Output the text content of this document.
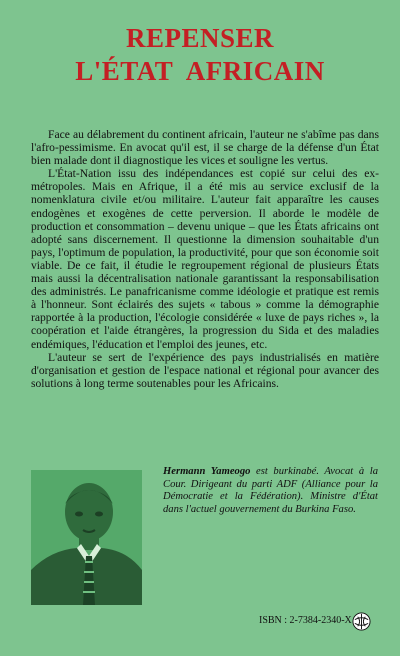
REPENSER
L'ÉTAT  AFRICAIN

Face au délabrement du continent africain, l'auteur ne s'abîme pas dans l'afro-pessimisme. En avocat qu'il est, il se charge de la défense d'un État bien malade dont il diagnostique les vices et souligne les vertus.

L'État-Nation issu des indépendances est copié sur celui des ex-métropoles. Mais en Afrique, il a été mis au service exclusif de la nomenklatura civile et/ou militaire. L'auteur fait apparaître les causes endogènes et exogènes de cette perversion. Il aborde le modèle de production et consommation – devenu unique – que les États africains ont adopté sans discernement. Il questionne la dimension souhaitable d'un pays, l'optimum de population, la productivité, pour que son économie soit viable. De ce fait, il étudie le regroupement régional de plusieurs États mais aussi la décentralisation nationale garantissant la responsabilisation des administrés. Le panafricanisme comme idéologie et pratique est remis à l'honneur. Sont éclairés des sujets « tabous » comme la démographie rapportée à la production, l'écologie considérée « luxe de pays riches », la coopération et l'aide étrangères, la progression du Sida et des maladies endémiques, l'éducation et l'emploi des jeunes, etc.

L'auteur se sert de l'expérience des pays industrialisés en matière d'organisation et gestion de l'espace national et régional pour avancer des solutions à long terme soutenables pour les Africains.

Hermann Yameogo est burkinabé. Avocat à la Cour. Dirigeant du parti ADF (Alliance pour la Démocratie et la Fédération). Ministre d'État dans l'actuel gouvernement du Burkina Faso.
ISBN : 2-7384-2340-X
